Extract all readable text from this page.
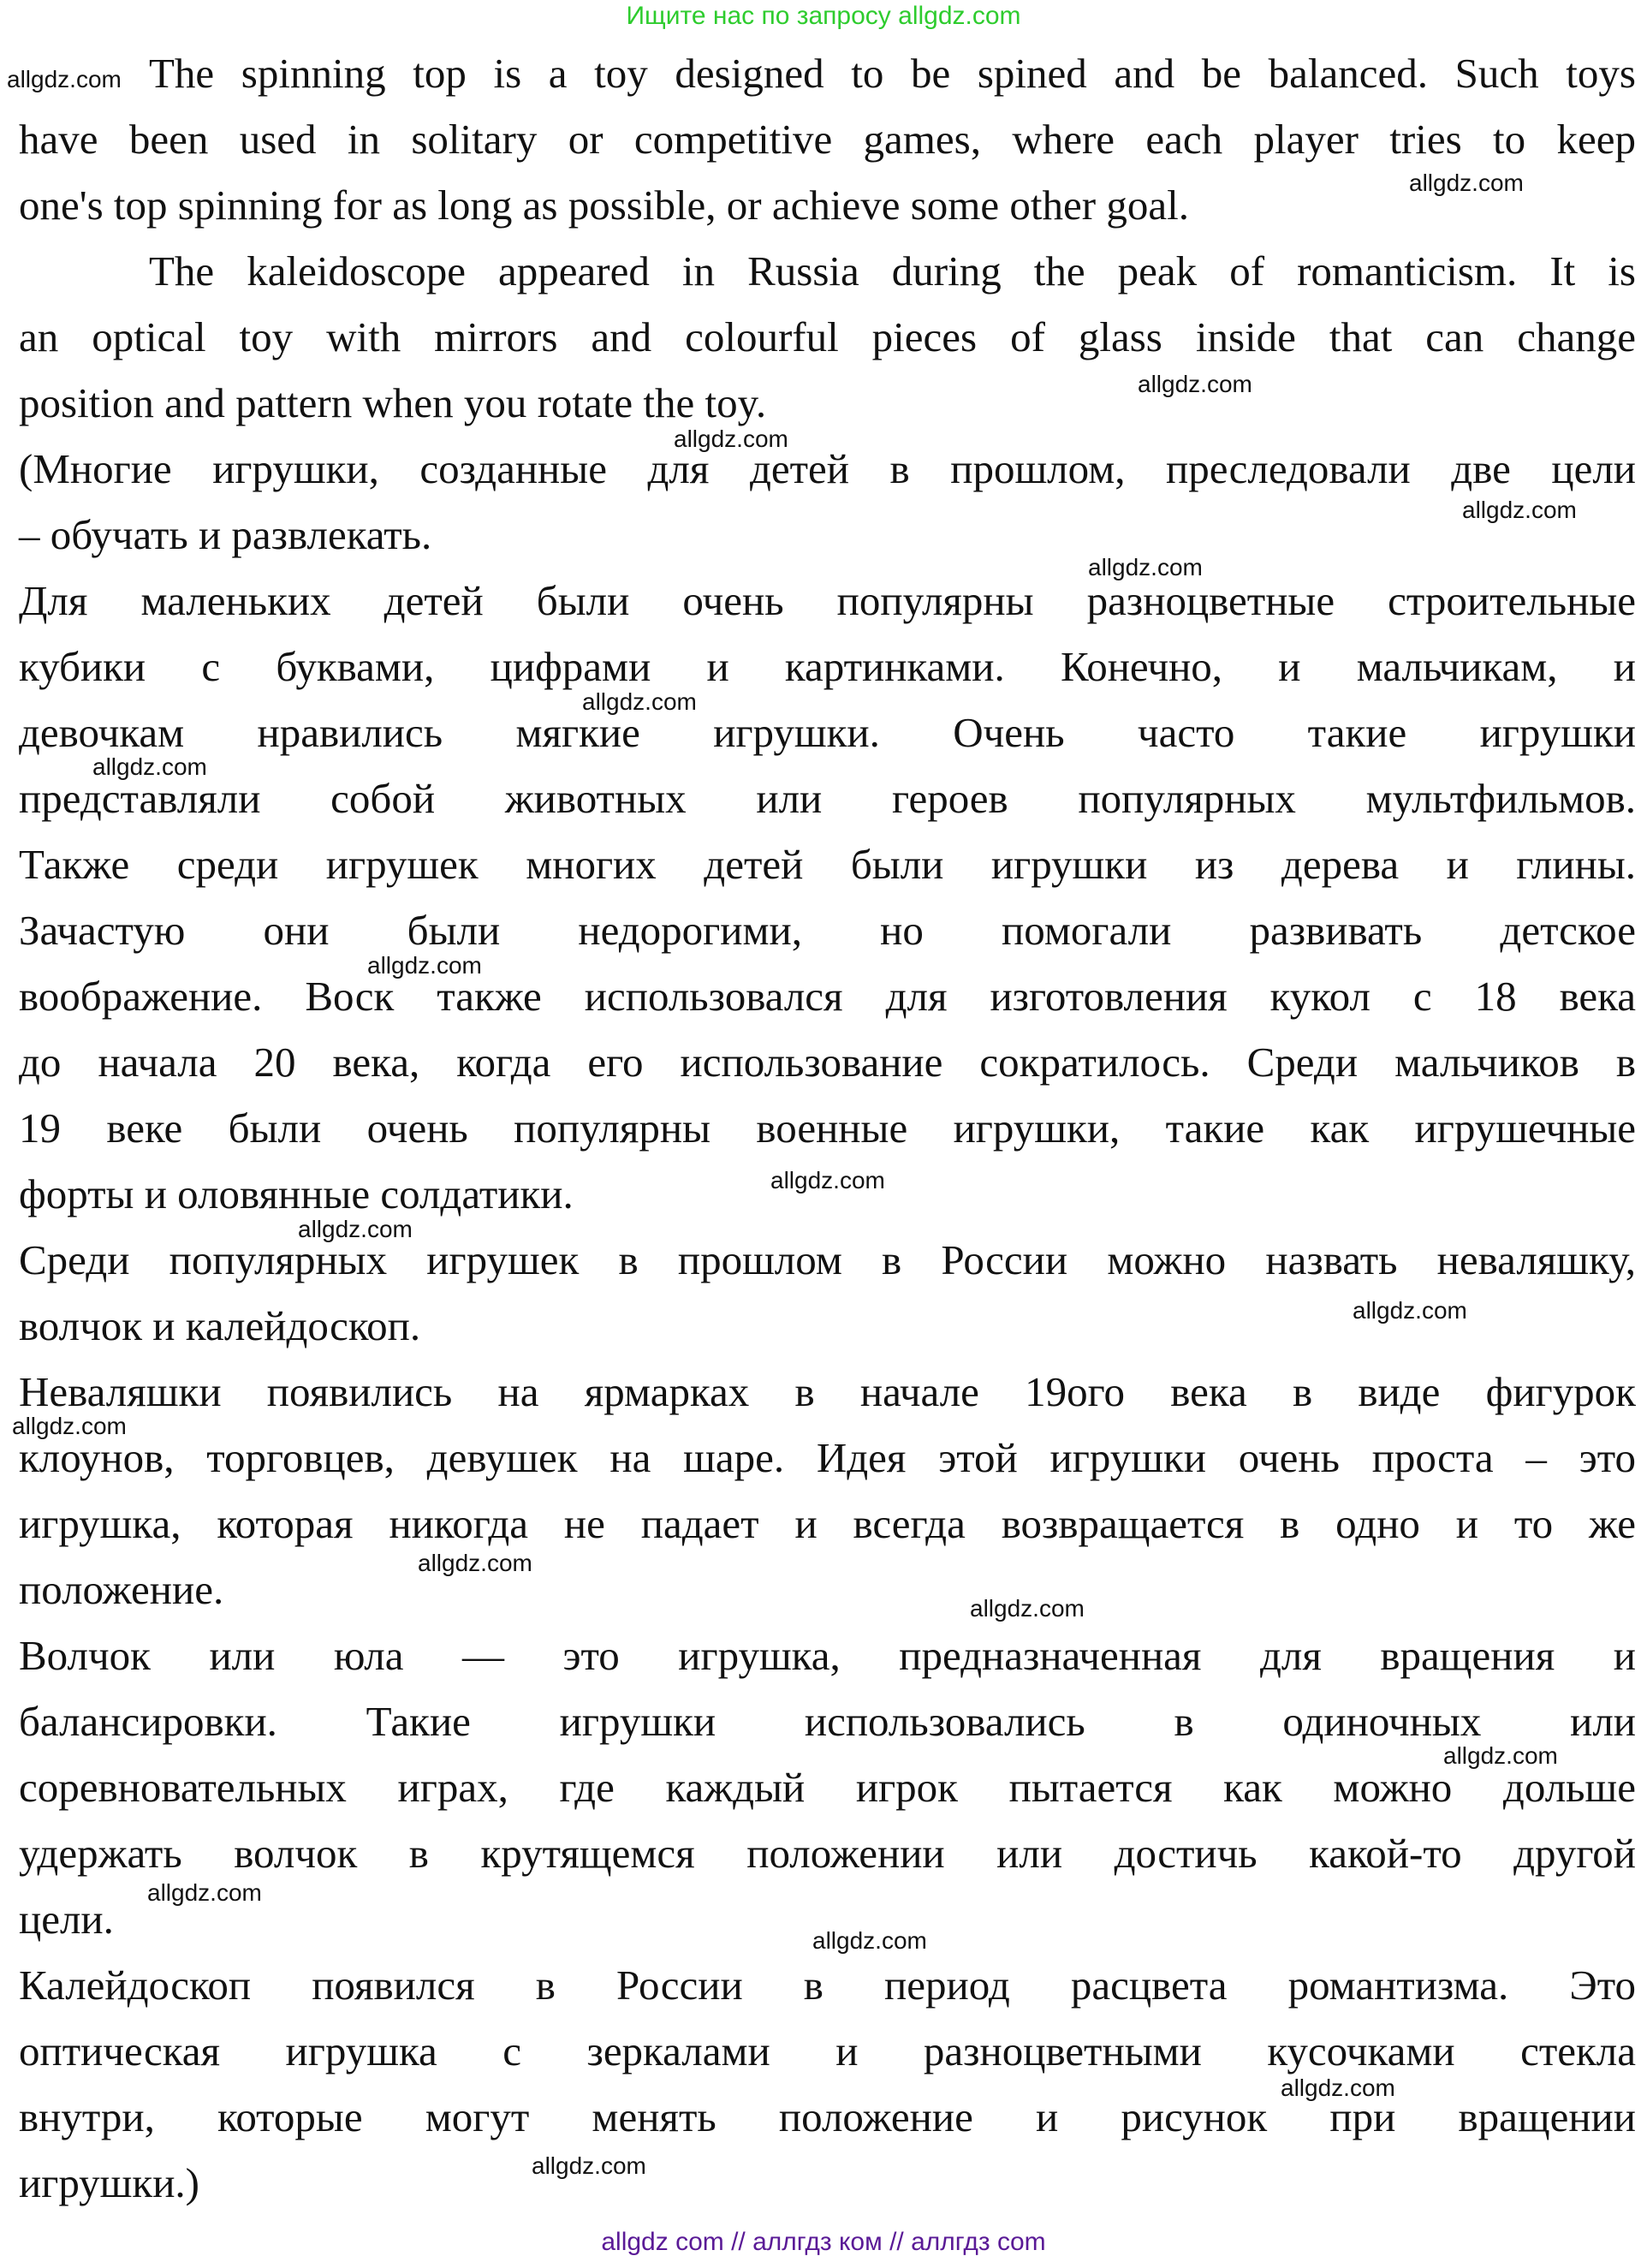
Ищите нас по запросу allgdz.com
The spinning top is a toy designed to be spined and be balanced. Such toys
have been used in solitary or competitive games, where each player tries to keep
one's top spinning for as long as possible, or achieve some other goal.
The kaleidoscope appeared in Russia during the peak of romanticism. It is
an optical toy with mirrors and colourful pieces of glass inside that can change
position and pattern when you rotate the toy.
(Многие игрушки, созданные для детей в прошлом, преследовали две цели
– обучать и развлекать.
Для маленьких детей были очень популярны разноцветные строительные
кубики с буквами, цифрами и картинками. Конечно, и мальчикам, и
девочкам нравились мягкие игрушки. Очень часто такие игрушки
представляли собой животных или героев популярных мультфильмов.
Также среди игрушек многих детей были игрушки из дерева и глины.
Зачастую они были недорогими, но помогали развивать детское
воображение. Воск также использовался для изготовления кукол с 18 века
до начала 20 века, когда его использование сократилось. Среди мальчиков в
19 веке были очень популярны военные игрушки, такие как игрушечные
форты и оловянные солдатики.
Среди популярных игрушек в прошлом в России можно назвать неваляшку,
волчок и калейдоскоп.
Неваляшки появились на ярмарках в начале 19ого века в виде фигурок
клоунов, торговцев, девушек на шаре. Идея этой игрушки очень проста – это
игрушка, которая никогда не падает и всегда возвращается в одно и то же
положение.
Волчок или юла — это игрушка, предназначенная для вращения и
балансировки. Такие игрушки использовались в одиночных или
соревновательных играх, где каждый игрок пытается как можно дольше
удержать волчок в крутящемся положении или достичь какой-то другой
цели.
Калейдоскоп появился в России в период расцвета романтизма. Это
оптическая игрушка с зеркалами и разноцветными кусочками стекла
внутри, которые могут менять положение и рисунок при вращении
игрушки.)
allgdz.com
allgdz.com
allgdz.com
allgdz.com
allgdz.com
allgdz.com
allgdz.com
allgdz.com
allgdz.com
allgdz.com
allgdz.com
allgdz.com
allgdz.com
allgdz.com
allgdz.com
allgdz.com
allgdz.com
allgdz.com
allgdz.com
allgdz.com
allgdz com // аллгдз ком // аллгдз com
